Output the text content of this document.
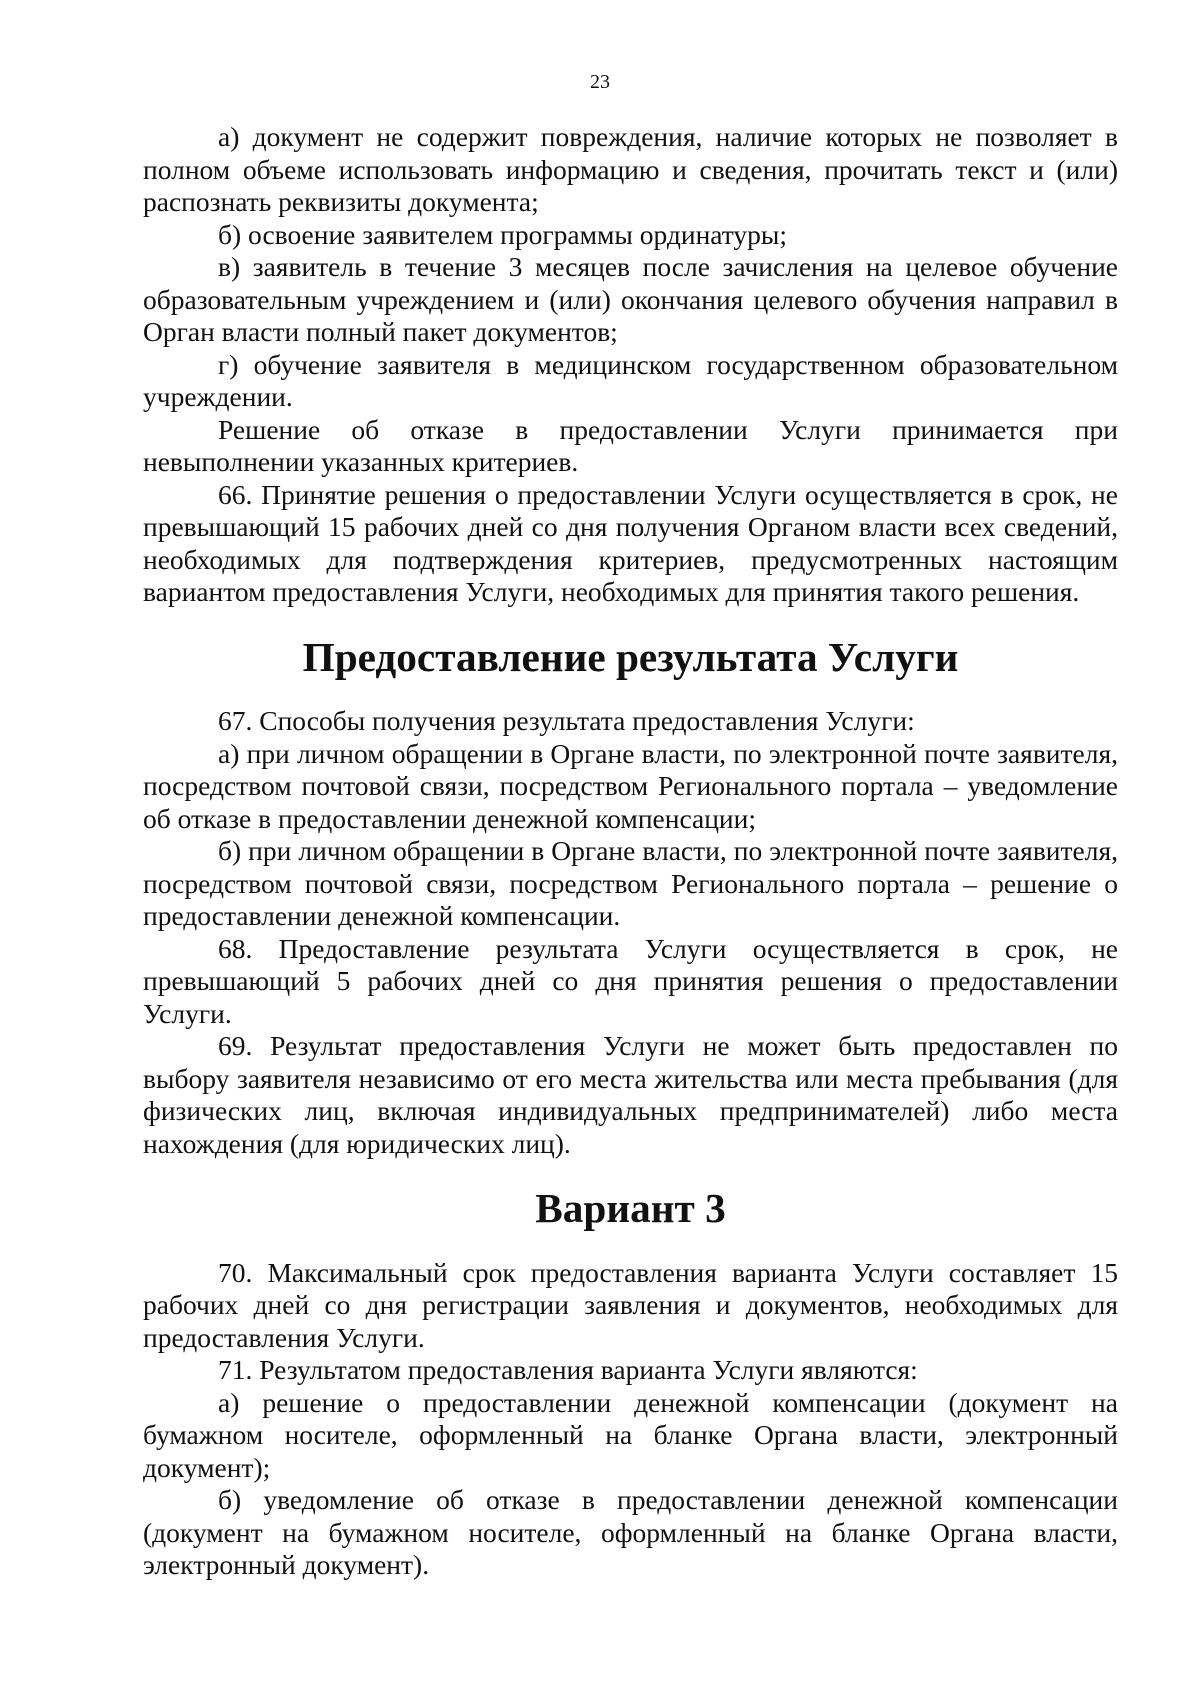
23

а) документ не содержит повреждения, наличие которых не позволяет в полном объеме использовать информацию и сведения, прочитать текст и (или) распознать реквизиты документа;

б) освоение заявителем программы ординатуры;

в) заявитель в течение 3 месяцев после зачисления на целевое обучение образовательным учреждением и (или) окончания целевого обучения направил в Орган власти полный пакет документов;

г) обучение заявителя в медицинском государственном образовательном учреждении.

Решение об отказе в предоставлении Услуги принимается при невыполнении указанных критериев.

66. Принятие решения о предоставлении Услуги осуществляется в срок, не превышающий 15 рабочих дней со дня получения Органом власти всех сведений, необходимых для подтверждения критериев, предусмотренных настоящим вариантом предоставления Услуги, необходимых для принятия такого решения.

Предоставление результата Услуги

67. Способы получения результата предоставления Услуги:

а) при личном обращении в Органе власти, по электронной почте заявителя, посредством почтовой связи, посредством Регионального портала – уведомление об отказе в предоставлении денежной компенсации;

б) при личном обращении в Органе власти, по электронной почте заявителя, посредством почтовой связи, посредством Регионального портала – решение о предоставлении денежной компенсации.

68. Предоставление результата Услуги осуществляется в срок, не превышающий 5 рабочих дней со дня принятия решения о предоставлении Услуги.

69. Результат предоставления Услуги не может быть предоставлен по выбору заявителя независимо от его места жительства или места пребывания (для физических лиц, включая индивидуальных предпринимателей) либо места нахождения (для юридических лиц).

Вариант 3

70. Максимальный срок предоставления варианта Услуги составляет 15 рабочих дней со дня регистрации заявления и документов, необходимых для предоставления Услуги.

71. Результатом предоставления варианта Услуги являются:

а) решение о предоставлении денежной компенсации (документ на бумажном носителе, оформленный на бланке Органа власти, электронный документ);

б) уведомление об отказе в предоставлении денежной компенсации (документ на бумажном носителе, оформленный на бланке Органа власти, электронный документ).
